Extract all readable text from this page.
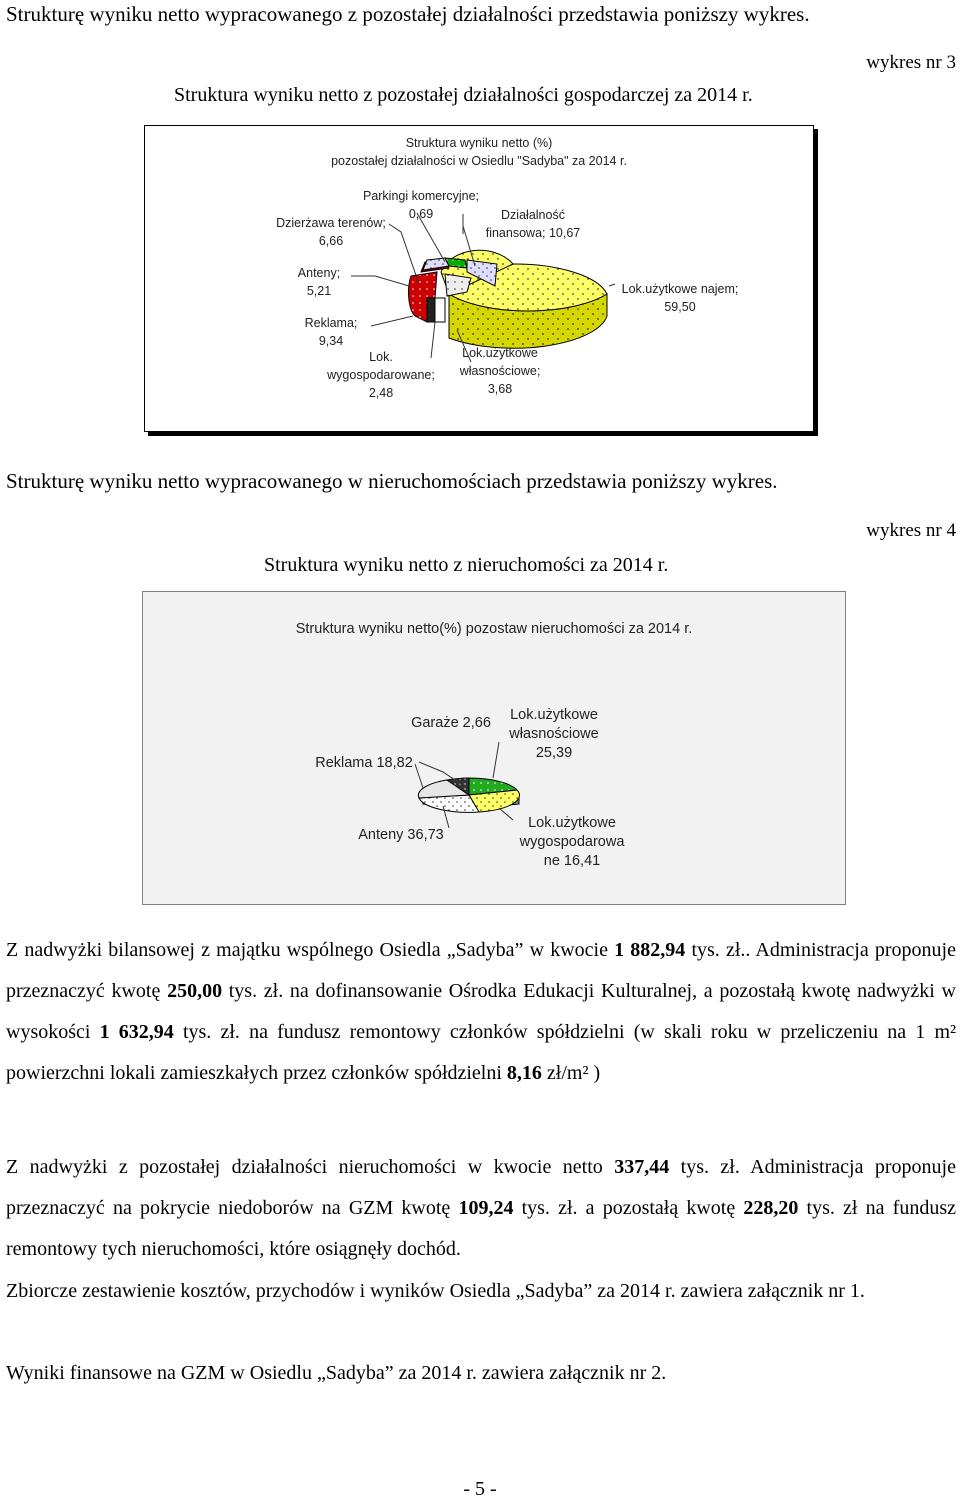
Strukturę wyniku netto wypracowanego z pozostałej działalności przedstawia poniższy wykres.
wykres nr 3
Struktura wyniku netto z pozostałej działalności gospodarczej za 2014 r.
Struktura wyniku netto (%)
pozostałej działalności w Osiedlu "Sadyba" za 2014 r.
Parkingi komercyjne;
0,69
Dzierżawa terenów;
6,66
Działalność
finansowa; 10,67
Anteny;
5,21
Reklama;
9,34
Lok.
wygospodarowane;
2,48
Lok.użytkowe
własnościowe;
3,68
Lok.użytkowe najem;
59,50
Strukturę wyniku netto wypracowanego w nieruchomościach przedstawia poniższy wykres.
wykres nr 4
Struktura wyniku netto z nieruchomości za 2014 r.
Struktura wyniku netto(%) pozostaw nieruchomości za 2014 r.
Garaże 2,66	Lok.użytkowe
własnościowe
25,39
Reklama 18,82
Anteny 36,73
Lok.użytkowe
wygospodarowa
ne 16,41

Z nadwyżki bilansowej z majątku wspólnego Osiedla „Sadyba” w kwocie 1 882,94 tys. zł.. Administracja proponuje przeznaczyć kwotę 250,00 tys. zł. na dofinansowanie Ośrodka Edukacji Kulturalnej, a pozostałą kwotę nadwyżki w wysokości 1 632,94 tys. zł. na fundusz remontowy członków spółdzielni (w skali roku w przeliczeniu na 1 m² powierzchni lokali zamieszkałych przez członków spółdzielni 8,16 zł/m² )

Z nadwyżki z pozostałej działalności nieruchomości w kwocie netto 337,44 tys. zł. Administracja proponuje przeznaczyć na pokrycie niedoborów na GZM kwotę 109,24 tys. zł. a pozostałą kwotę 228,20 tys. zł na fundusz remontowy tych nieruchomości, które osiągnęły dochód.

Zbiorcze zestawienie kosztów, przychodów i wyników Osiedla „Sadyba” za 2014 r. zawiera załącznik nr 1.

Wyniki finansowe na GZM w Osiedlu „Sadyba” za 2014 r. zawiera załącznik nr 2.

- 5 -
